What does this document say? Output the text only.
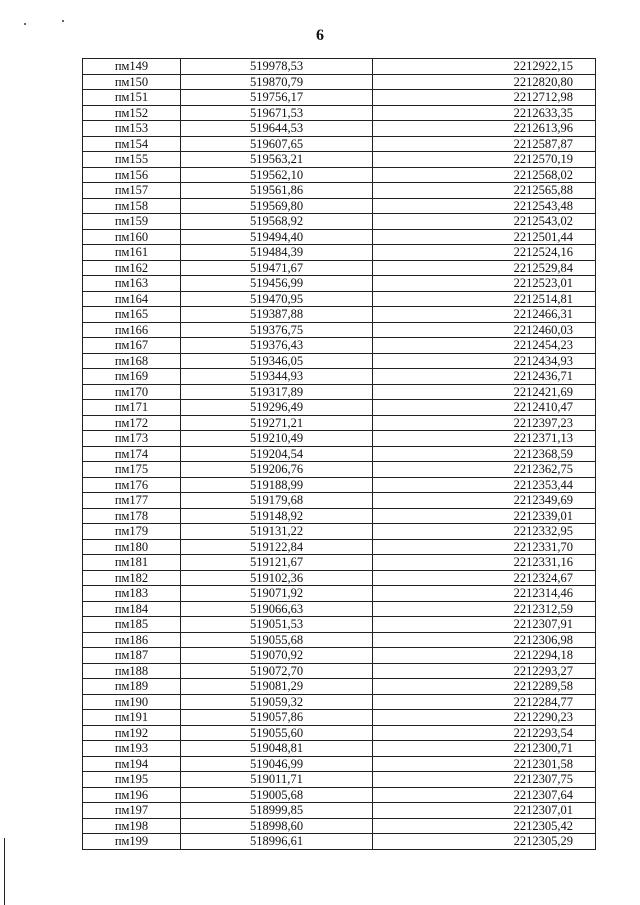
6
пм149	519978,53	2212922,15
пм150	519870,79	2212820,80
пм151	519756,17	2212712,98
пм152	519671,53	2212633,35
пм153	519644,53	2212613,96
пм154	519607,65	2212587,87
пм155	519563,21	2212570,19
пм156	519562,10	2212568,02
пм157	519561,86	2212565,88
пм158	519569,80	2212543,48
пм159	519568,92	2212543,02
пм160	519494,40	2212501,44
пм161	519484,39	2212524,16
пм162	519471,67	2212529,84
пм163	519456,99	2212523,01
пм164	519470,95	2212514,81
пм165	519387,88	2212466,31
пм166	519376,75	2212460,03
пм167	519376,43	2212454,23
пм168	519346,05	2212434,93
пм169	519344,93	2212436,71
пм170	519317,89	2212421,69
пм171	519296,49	2212410,47
пм172	519271,21	2212397,23
пм173	519210,49	2212371,13
пм174	519204,54	2212368,59
пм175	519206,76	2212362,75
пм176	519188,99	2212353,44
пм177	519179,68	2212349,69
пм178	519148,92	2212339,01
пм179	519131,22	2212332,95
пм180	519122,84	2212331,70
пм181	519121,67	2212331,16
пм182	519102,36	2212324,67
пм183	519071,92	2212314,46
пм184	519066,63	2212312,59
пм185	519051,53	2212307,91
пм186	519055,68	2212306,98
пм187	519070,92	2212294,18
пм188	519072,70	2212293,27
пм189	519081,29	2212289,58
пм190	519059,32	2212284,77
пм191	519057,86	2212290,23
пм192	519055,60	2212293,54
пм193	519048,81	2212300,71
пм194	519046,99	2212301,58
пм195	519011,71	2212307,75
пм196	519005,68	2212307,64
пм197	518999,85	2212307,01
пм198	518998,60	2212305,42
пм199	518996,61	2212305,29
